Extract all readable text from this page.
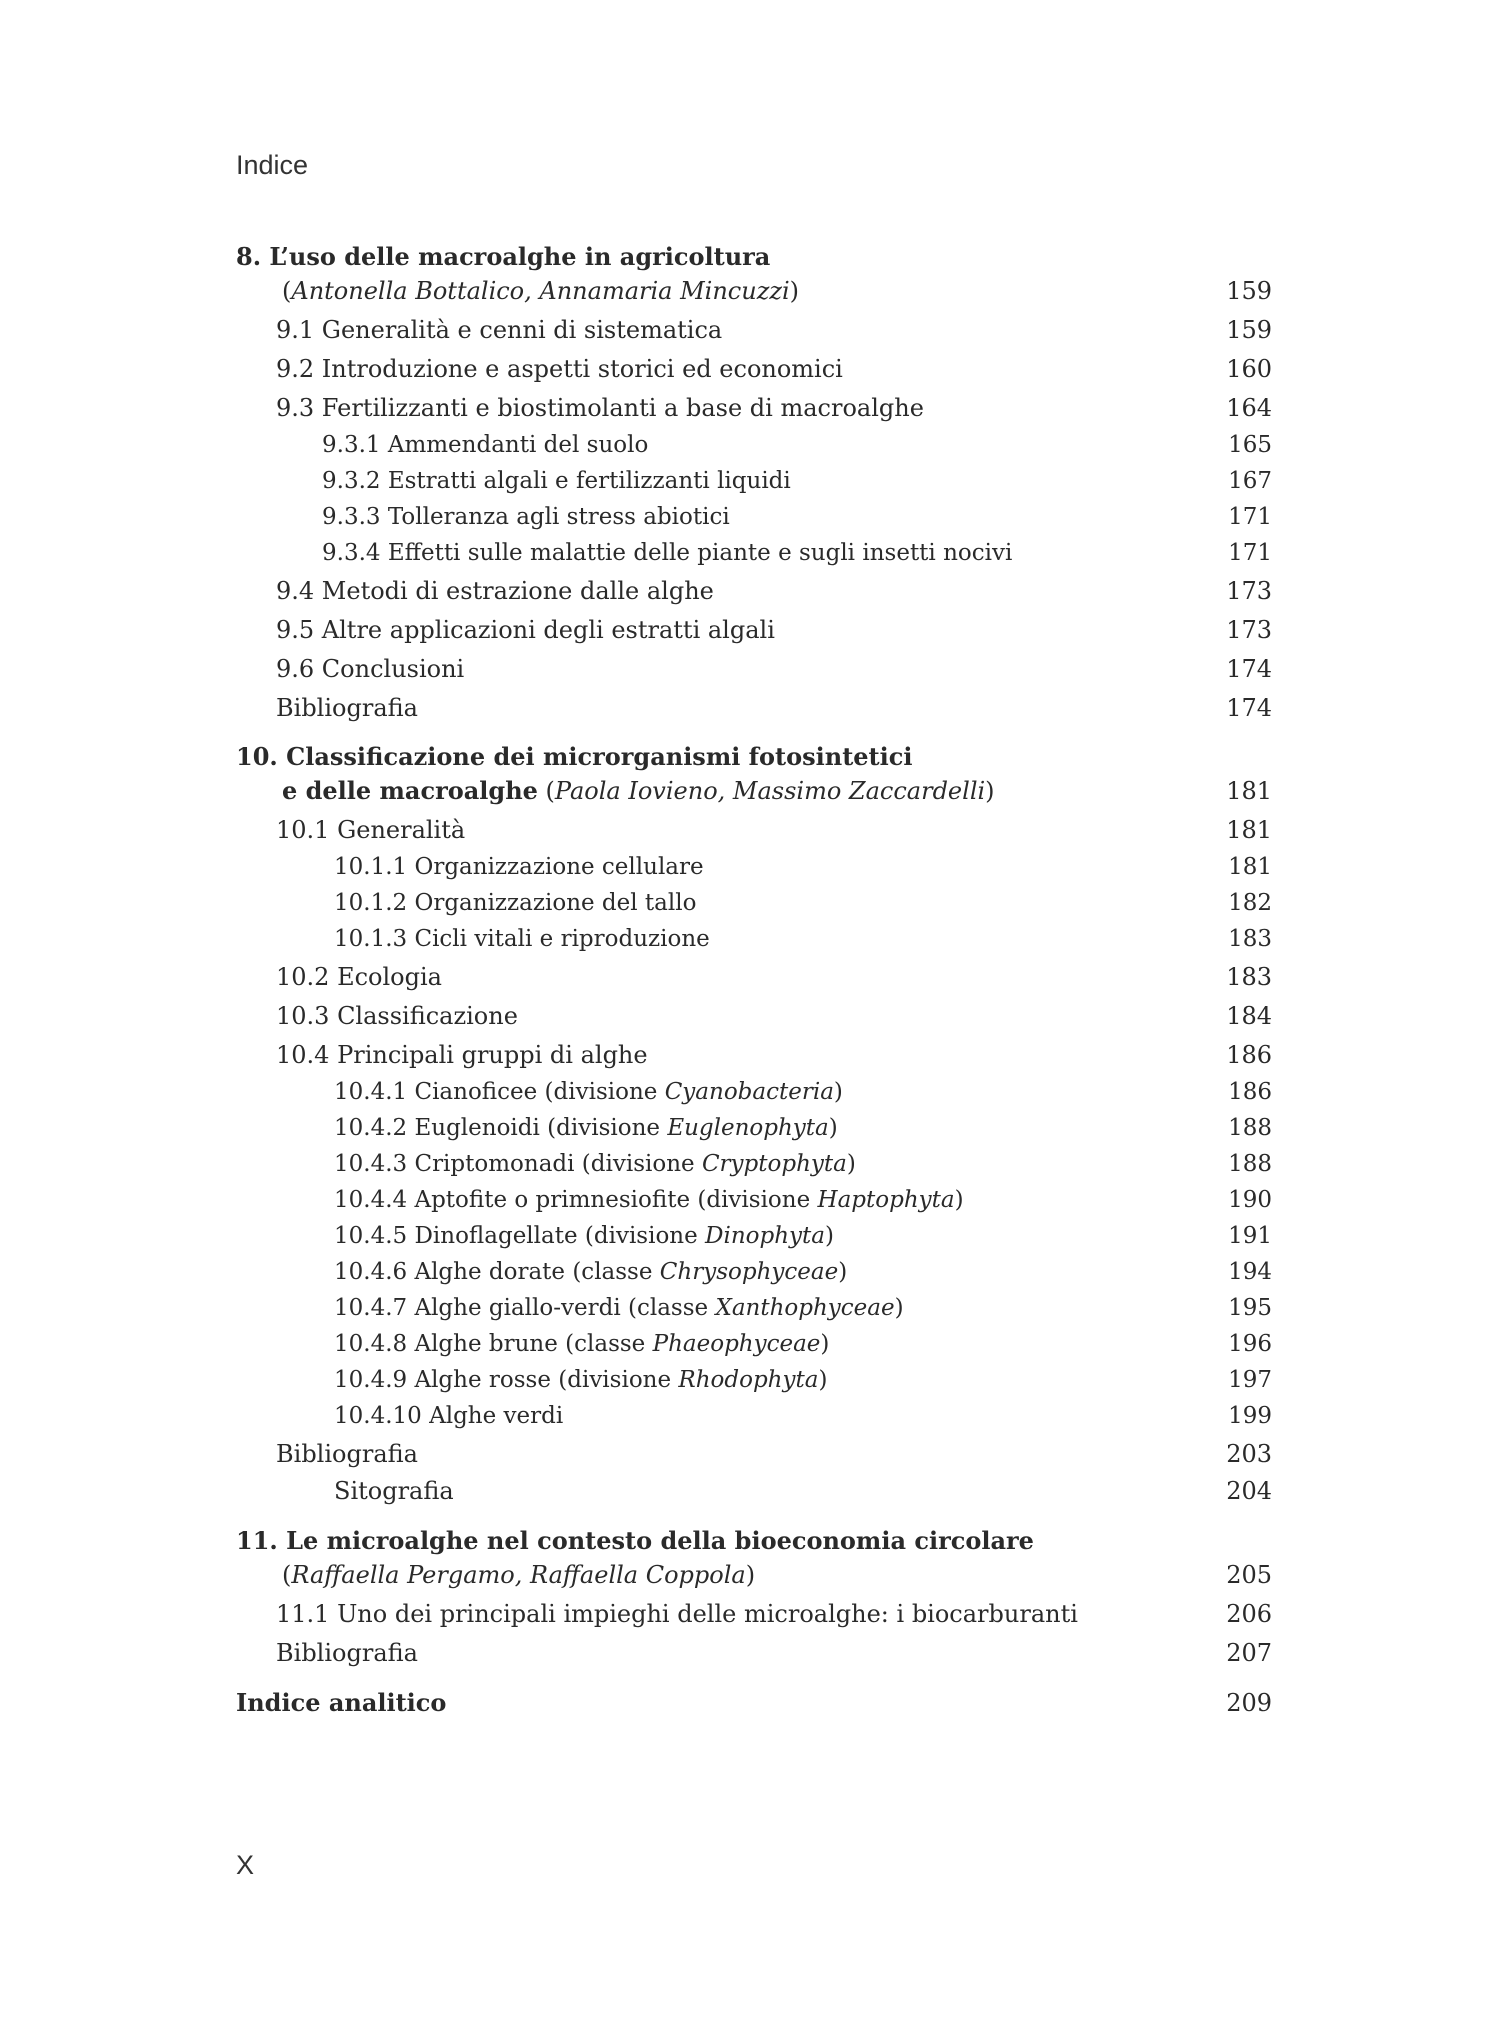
Indice
8. L’uso delle macroalghe in agricoltura
(Antonella Bottalico, Annamaria Mincuzzi)	159
9.1 Generalità e cenni di sistematica	159
9.2 Introduzione e aspetti storici ed economici	160
9.3 Fertilizzanti e biostimolanti a base di macroalghe	164
9.3.1 Ammendanti del suolo	165
9.3.2 Estratti algali e fertilizzanti liquidi	167
9.3.3 Tolleranza agli stress abiotici	171
9.3.4 Effetti sulle malattie delle piante e sugli insetti nocivi	171
9.4 Metodi di estrazione dalle alghe	173
9.5 Altre applicazioni degli estratti algali	173
9.6 Conclusioni	174
Bibliografia	174
10. Classificazione dei microrganismi fotosintetici
e delle macroalghe (Paola Iovieno, Massimo Zaccardelli)	181
10.1 Generalità	181
10.1.1 Organizzazione cellulare	181
10.1.2 Organizzazione del tallo	182
10.1.3 Cicli vitali e riproduzione	183
10.2 Ecologia	183
10.3 Classificazione	184
10.4 Principali gruppi di alghe	186
10.4.1 Cianoficee (divisione Cyanobacteria)	186
10.4.2 Euglenoidi (divisione Euglenophyta)	188
10.4.3 Criptomonadi (divisione Cryptophyta)	188
10.4.4 Aptofite o primnesiofite (divisione Haptophyta)	190
10.4.5 Dinoflagellate (divisione Dinophyta)	191
10.4.6 Alghe dorate (classe Chrysophyceae)	194
10.4.7 Alghe giallo-verdi (classe Xanthophyceae)	195
10.4.8 Alghe brune (classe Phaeophyceae)	196
10.4.9 Alghe rosse (divisione Rhodophyta)	197
10.4.10 Alghe verdi	199
Bibliografia	203
Sitografia	204
11. Le microalghe nel contesto della bioeconomia circolare
(Raffaella Pergamo, Raffaella Coppola)	205
11.1 Uno dei principali impieghi delle microalghe: i biocarburanti	206
Bibliografia	207
Indice analitico	209
X
